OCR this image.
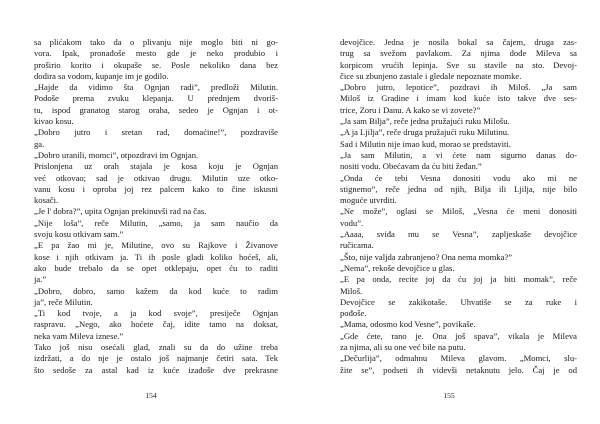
sa plićakom tako da o plivanju nije moglo biti ni go-
vora. Ipak, pronađoše mesto gde je neko produbio i
proširio korito i okupaše se. Posle nekoliko dana bez
dodira sa vodom, kupanje im je godilo.
„Hajde da vidimo šta Ognjan radi”, predloži Milutin.
Podoše prema zvuku klepanja. U prednjem dvoriš-
tu, ispod granatog starog oraha, sedeo je Ognjan i ot-
kivao kosu.
„Dobro jutro i sretan rad, domaćine!”, pozdraviše
ga.
„Dobro uranili, momci”, otpozdravi im Ognjan.
Prislonjena uz orah stajala je kosa koju je Ognjan
već otkovao; sad je otkivao drugu. Milutin uze otko-
vanu kosu i oproba joj rez palcem kako to čine iskusni
kosači.
„Je l' dobra?”, upita Ognjan prekinuvši rad na čas.
„Nije loša”, reče Milutin, „samo, ja sam naučio da
svoju kosu otkivam sam.”
„E pa žao mi je, Milutine, ovo su Rajkove i Živanove
kose i njih otkivam ja. Ti ih posle gladi koliko hoćeš, ali,
ako bude trebalo da se opet otklepaju, opet ću to raditi
ja.”
„Dobro, dobro, samo kažem da kod kuće to radim
ja”, reče Milutin.
„Ti kod tvoje, a ja kod svoje”, presiječe Ognjan
raspravu. „Nego, ako hoćete čaj, idite tamo na doksat,
neka vam Mileva iznese.”
Tako još nisu osećali glad, znali su da do užine treba
izdržati, a do nje je ostalo još najmanje četiri sata. Tek
što sedoše za astal kad iz kuće izađoše dve prekrasne
154
devojčice. Jedna je nosila bokal sa čajem, druga zas-
trug sa svežom pavlakom. Za njima dođe Mileva sa
korpicom vrućih lepinja. Sve su stavile na sto. Devoj-
čice su zbunjeno zastale i gledale nepoznate momke.
„Dobro jutro, lepotice”, pozdravi ih Miloš. „Ja sam
Miloš iz Gradine i imam kod kuće isto takve dve ses-
trice, Zoru i Danu. A kako se vi zovete?”
„Ja sam Bilja”, reče jedna pružajući ruku Milošu.
„A ja Ljilja”, reče druga pružajući ruku Milutinu.
Sad i Milutin nije imao kud, morao se predstaviti.
„Ja sam Milutin, a vi ćete nam sigurno danas do-
nositi vodu. Obećavam da ću biti žeđan.”
„Onda će tebi Vesna donositi vodu ako mi ne
stignemo”, reče jedna od njih, Bilja ili Ljilja, nije bilo
moguće utvrditi.
„Ne može”, oglasi se Miloš, „Vesna će meni donositi
vodu”.
„Aaaa, sviđa mu se Vesna”, zapljeskaše devojčice
ručicama.
„Što, nije valjda zabranjeno? Ona nema momka?”
„Nema”, rekoše devojčice u glas.
„E pa onda, recite joj da ću joj ja biti momak”, reče
Miloš.
Devojčice se zakikotaše. Uhvatiše se za ruke i
pođoše.
„Mama, odosmo kod Vesne”, povikaše.
„Gde ćete, rano je. Ona još spava”, vikala je Mileva
za njima, ali su one već bile na putu.
„Dečurlija”, odmahnu Mileva glavom. „Momci, slu-
žite se”, podseti ih videvši netaknutu jelo. Čaj je od
155
